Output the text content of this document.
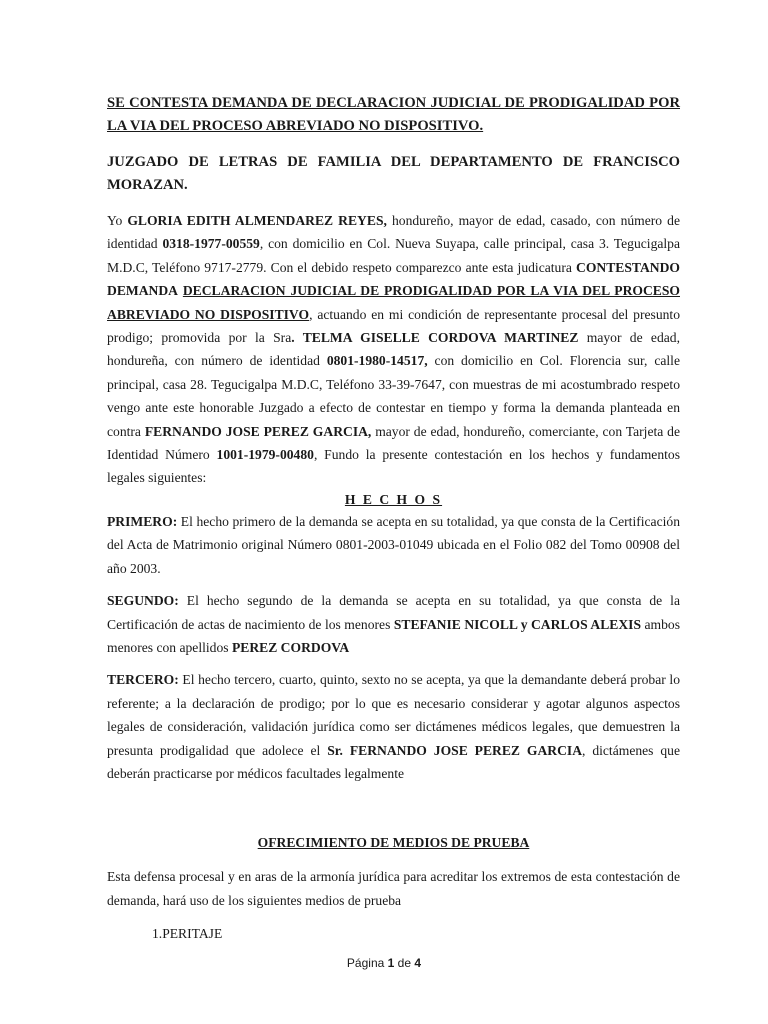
SE CONTESTA DEMANDA DE DECLARACION JUDICIAL DE PRODIGALIDAD POR LA VIA DEL PROCESO ABREVIADO NO DISPOSITIVO.
JUZGADO DE LETRAS DE FAMILIA DEL DEPARTAMENTO DE FRANCISCO MORAZAN.

Yo GLORIA EDITH ALMENDAREZ REYES, hondureño, mayor de edad, casado, con número de identidad 0318-1977-00559, con domicilio en Col. Nueva Suyapa, calle principal, casa 3. Tegucigalpa M.D.C, Teléfono 9717-2779. Con el debido respeto comparezco ante esta judicatura CONTESTANDO DEMANDA DECLARACION JUDICIAL DE PRODIGALIDAD POR LA VIA DEL PROCESO ABREVIADO NO DISPOSITIVO, actuando en mi condición de representante procesal del presunto prodigo; promovida por la Sra. TELMA GISELLE CORDOVA MARTINEZ mayor de edad, hondureña, con número de identidad 0801-1980-14517, con domicilio en Col. Florencia sur, calle principal, casa 28. Tegucigalpa M.D.C, Teléfono 33-39-7647, con muestras de mi acostumbrado respeto vengo ante este honorable Juzgado a efecto de contestar en tiempo y forma la demanda planteada en contra FERNANDO JOSE PEREZ GARCIA, mayor de edad, hondureño, comerciante, con Tarjeta de Identidad Número 1001-1979-00480, Fundo la presente contestación en los hechos y fundamentos legales siguientes:

H E C H O S

PRIMERO: El hecho primero de la demanda se acepta en su totalidad, ya que consta de la Certificación del Acta de Matrimonio original Número 0801-2003-01049 ubicada en el Folio 082 del Tomo 00908 del año 2003.

SEGUNDO: El hecho segundo de la demanda se acepta en su totalidad, ya que consta de la Certificación de actas de nacimiento de los menores STEFANIE NICOLL y CARLOS ALEXIS ambos menores con apellidos PEREZ CORDOVA

TERCERO: El hecho tercero, cuarto, quinto, sexto no se acepta, ya que la demandante deberá probar lo referente; a la declaración de prodigo; por lo que es necesario considerar y agotar algunos aspectos legales de consideración, validación jurídica como ser dictámenes médicos legales, que demuestren la presunta prodigalidad que adolece el Sr. FERNANDO JOSE PEREZ GARCIA, dictámenes que deberán practicarse por médicos facultades legalmente

OFRECIMIENTO DE MEDIOS DE PRUEBA

Esta defensa procesal y en aras de la armonía jurídica para acreditar los extremos de esta contestación de demanda, hará uso de los siguientes medios de prueba

1.PERITAJE

Página 1 de 4
